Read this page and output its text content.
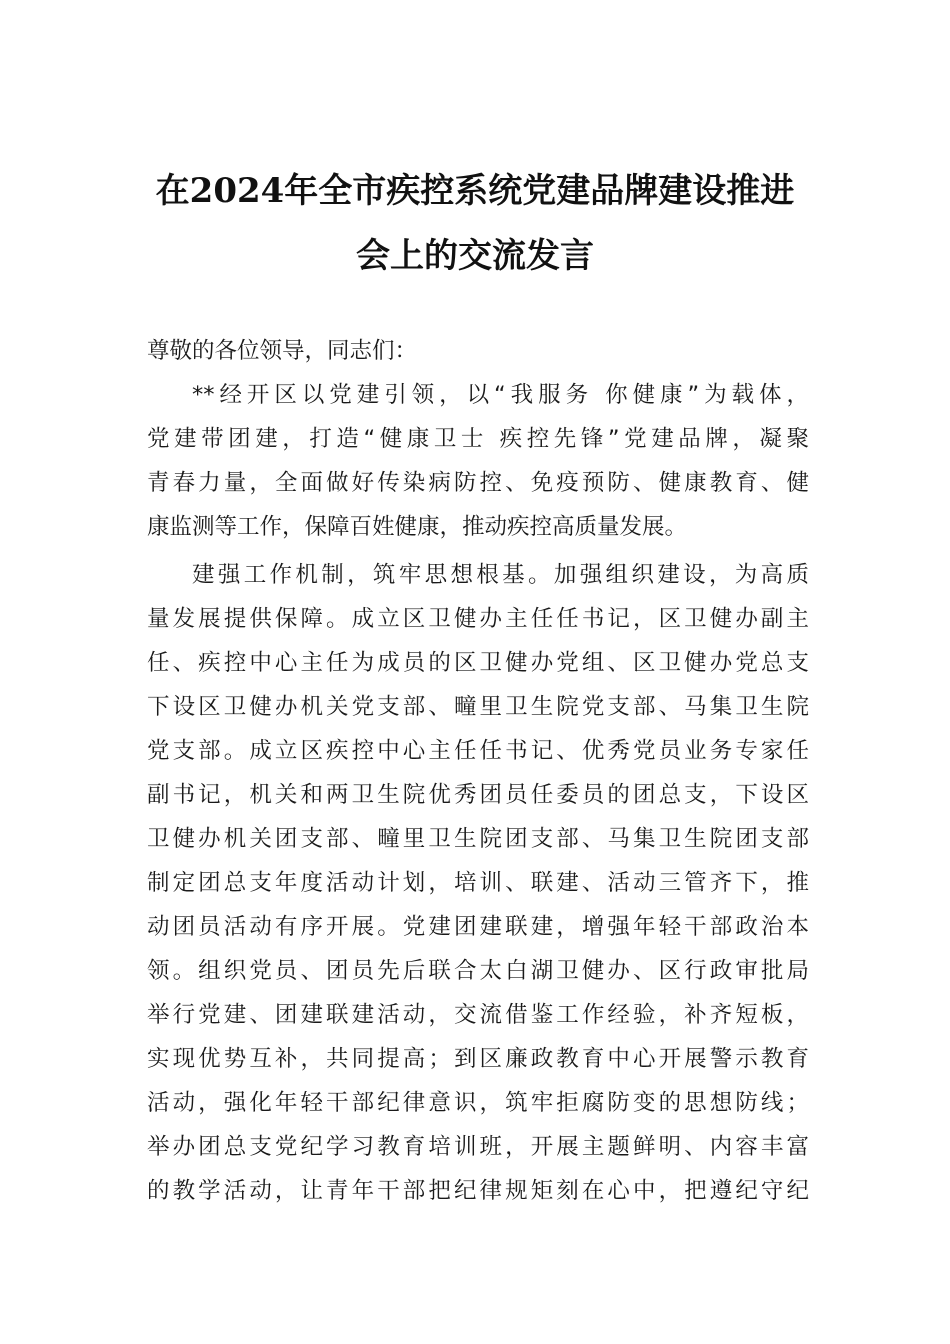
在2024年全市疾控系统党建品牌建设推进
会上的交流发言
尊敬的各位领导，同志们：
**经开区以党建引领，以“我服务 你健康”为载体，
党建带团建，打造“健康卫士 疾控先锋”党建品牌，凝聚
青春力量，全面做好传染病防控、免疫预防、健康教育、健
康监测等工作，保障百姓健康，推动疾控高质量发展。
建强工作机制，筑牢思想根基。加强组织建设，为高质
量发展提供保障。成立区卫健办主任任书记，区卫健办副主
任、疾控中心主任为成员的区卫健办党组、区卫健办党总支
下设区卫健办机关党支部、疃里卫生院党支部、马集卫生院
党支部。成立区疾控中心主任任书记、优秀党员业务专家任
副书记，机关和两卫生院优秀团员任委员的团总支，下设区
卫健办机关团支部、疃里卫生院团支部、马集卫生院团支部
制定团总支年度活动计划，培训、联建、活动三管齐下，推
动团员活动有序开展。党建团建联建，增强年轻干部政治本
领。组织党员、团员先后联合太白湖卫健办、区行政审批局
举行党建、团建联建活动，交流借鉴工作经验，补齐短板，
实现优势互补，共同提高；到区廉政教育中心开展警示教育
活动，强化年轻干部纪律意识，筑牢拒腐防变的思想防线；
举办团总支党纪学习教育培训班，开展主题鲜明、内容丰富
的教学活动，让青年干部把纪律规矩刻在心中，把遵纪守纪
